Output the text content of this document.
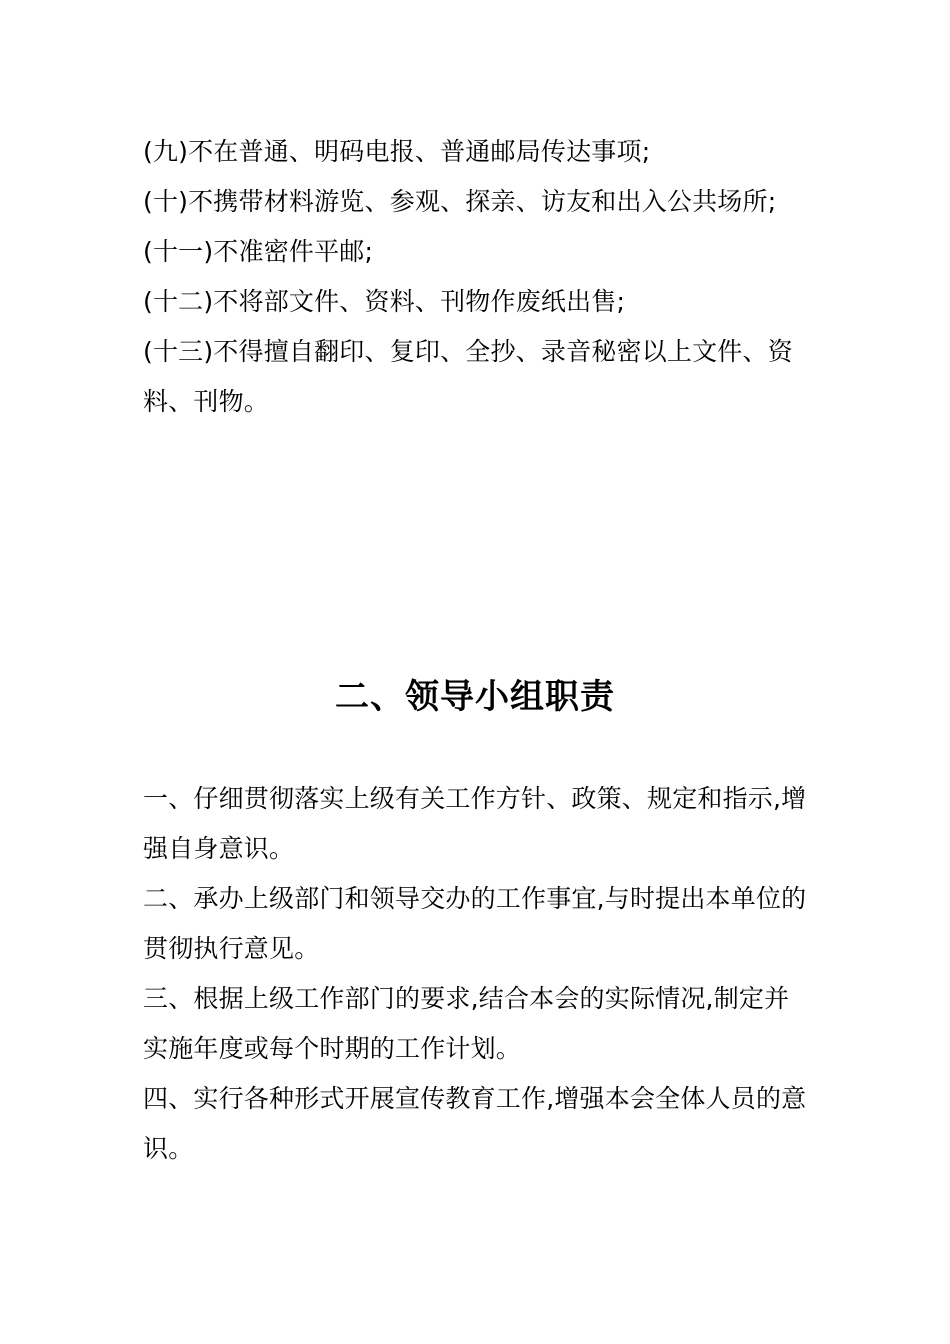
(九)不在普通、明码电报、普通邮局传达事项;

(十)不携带材料游览、参观、探亲、访友和出入公共场所;

(十一)不准密件平邮;

(十二)不将部文件、资料、刊物作废纸出售;

(十三)不得擅自翻印、复印、全抄、录音秘密以上文件、资料、刊物。

二、领导小组职责

一、仔细贯彻落实上级有关工作方针、政策、规定和指示,增强自身意识。

二、承办上级部门和领导交办的工作事宜,与时提出本单位的贯彻执行意见。

三、根据上级工作部门的要求,结合本会的实际情况,制定并实施年度或每个时期的工作计划。

四、实行各种形式开展宣传教育工作,增强本会全体人员的意识。
